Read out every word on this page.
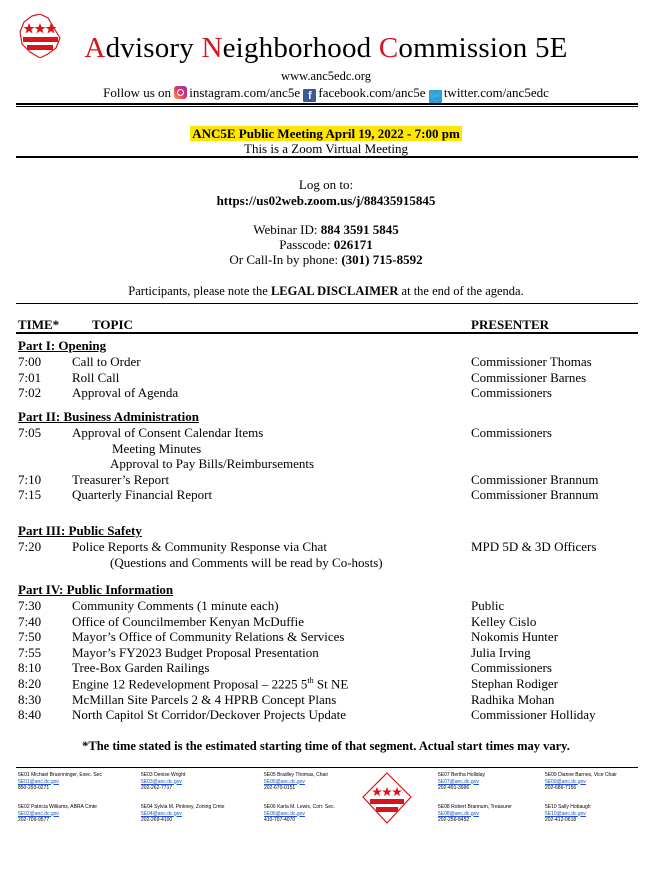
Advisory Neighborhood Commission 5E
www.anc5edc.org
Follow us on instagram.com/anc5e f facebook.com/anc5e 🐦 twitter.com/anc5edc
ANC5E Public Meeting April 19, 2022 - 7:00 pm
This is a Zoom Virtual Meeting
Log on to:
https://us02web.zoom.us/j/88435915845
Webinar ID: 884 3591 5845
Passcode: 026171
Or Call-In by phone: (301) 715-8592
Participants, please note the LEGAL DISCLAIMER at the end of the agenda.
TIME*	TOPIC	PRESENTER
Part I: Opening
7:00 Call to Order	Commissioner Thomas
7:01 Roll Call	Commissioner Barnes
7:02 Approval of Agenda	Commissioners
Part II: Business Administration
7:05 Approval of Consent Calendar Items	Commissioners
Meeting Minutes
Approval to Pay Bills/Reimbursements
7:10 Treasurer’s Report	Commissioner Brannum
7:15 Quarterly Financial Report	Commissioner Brannum
Part III: Public Safety
7:20 Police Reports & Community Response via Chat	MPD 5D & 3D Officers
(Questions and Comments will be read by Co-hosts)
Part IV: Public Information
7:30 Community Comments (1 minute each)	Public
7:40 Office of Councilmember Kenyan McDuffie	Kelley Cislo
7:50 Mayor’s Office of Community Relations & Services	Nokomis Hunter
7:55 Mayor’s FY2023 Budget Proposal Presentation	Julia Irving
8:10 Tree-Box Garden Railings	Commissioners
8:20 Engine 12 Redevelopment Proposal – 2225 5th St NE	Stephan Rodiger
8:30 McMillan Site Parcels 2 & 4 HPRB Concept Plans	Radhika Mohan
8:40 North Capitol St Corridor/Deckover Projects Update	Commissioner Holliday
*The time stated is the estimated starting time of that segment. Actual start times may vary.
5E01 Michael Bruenninger, Exec. Sec
5E01@anc.dc.gov
850-293-0271
5E03 Denise Wright
5E03@anc.dc.gov
202-262-7717
5E05 Bradley Thomas, Chair
5E05@anc.dc.gov
202-670-0151
5E07 Bertha Holliday
5E07@anc.dc.gov
202-491-3996
5E09 Dianne Barnes, Vice Chair
5E09@anc.dc.gov
202-686-7156
5E02 Patricia Williams, ABRA Cmte
5E02@anc.dc.gov
202-709-9577
5E04 Sylvia M. Pinkney, Zoning Cmte
5E04@anc.dc.gov
202-269-4100
5E06 Karla M. Lewis, Corr. Sec.
5E06@anc.dc.gov
410-707-4070
5E08 Robert Brannum, Treasurer
5E08@anc.dc.gov
202-256-8452
5E10 Sally Hobaugh
5E10@anc.dc.gov
202-412-0618
